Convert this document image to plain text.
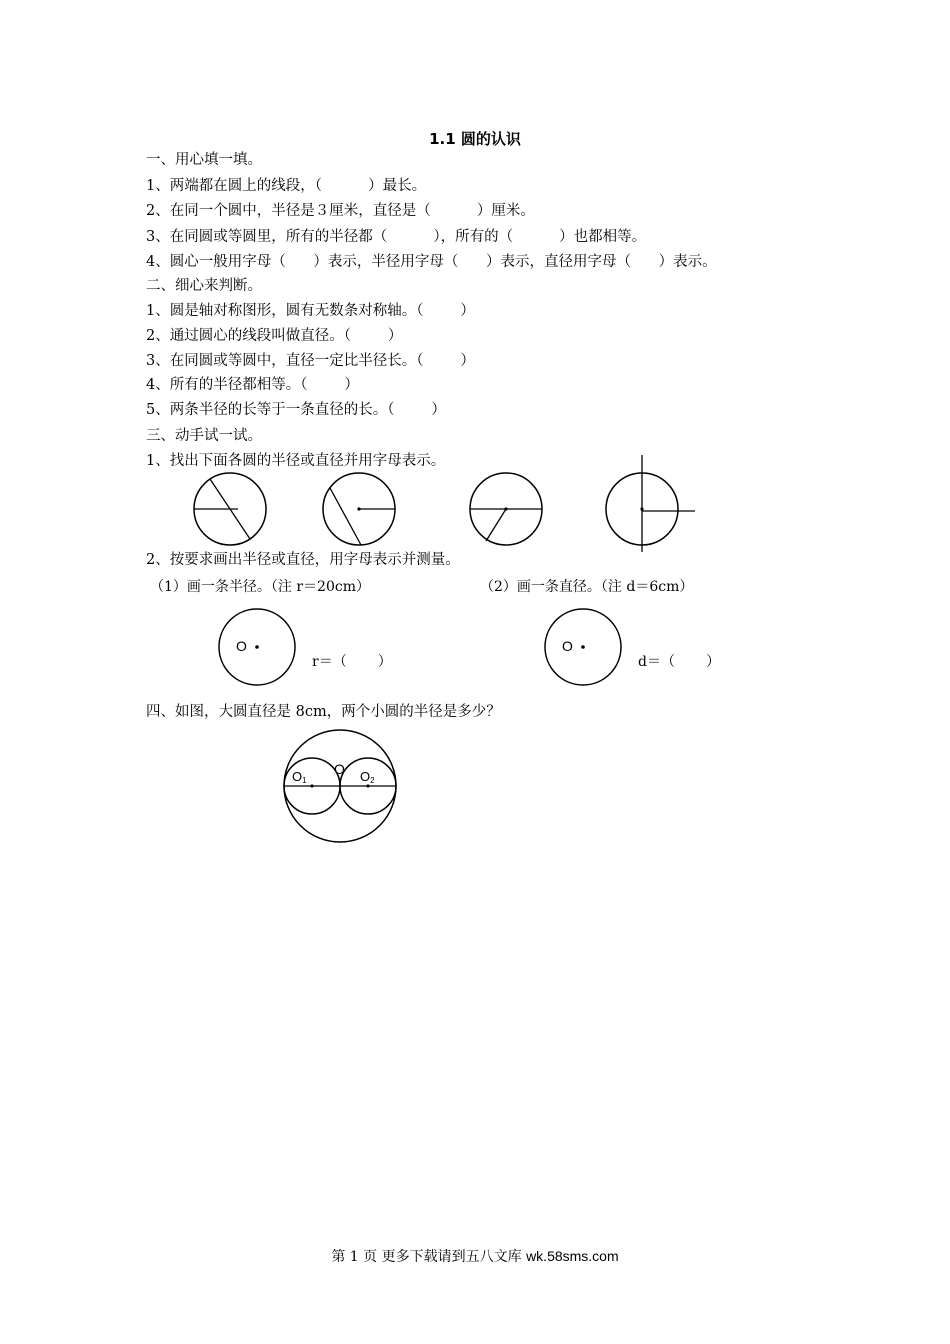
1.1 圆的认识
一、用心填一填。
1、两端都在圆上的线段，（          ）最长。
2、在同一个圆中，半径是３厘米，直径是（          ）厘米。
3、在同圆或等圆里，所有的半径都（          ），所有的（          ）也都相等。
4、圆心一般用字母（      ）表示，半径用字母（      ）表示，直径用字母（      ）表示。
二、细心来判断。
1、圆是轴对称图形，圆有无数条对称轴。（        ）
2、通过圆心的线段叫做直径。（        ）
3、在同圆或等圆中，直径一定比半径长。（        ）
4、所有的半径都相等。（        ）
5、两条半径的长等于一条直径的长。（        ）
三、动手试一试。
1、找出下面各圆的半径或直径并用字母表示。
2、按要求画出半径或直径，用字母表示并测量。
（1）画一条半径。（注 r＝20cm）	（2）画一条直径。（注 d＝6cm）
O
r＝（       ）
O
d＝（       ）
四、如图，大圆直径是 8cm，两个小圆的半径是多少？
O
O1	O2
第 1 页 更多下载请到五八文库 wk.58sms.com
